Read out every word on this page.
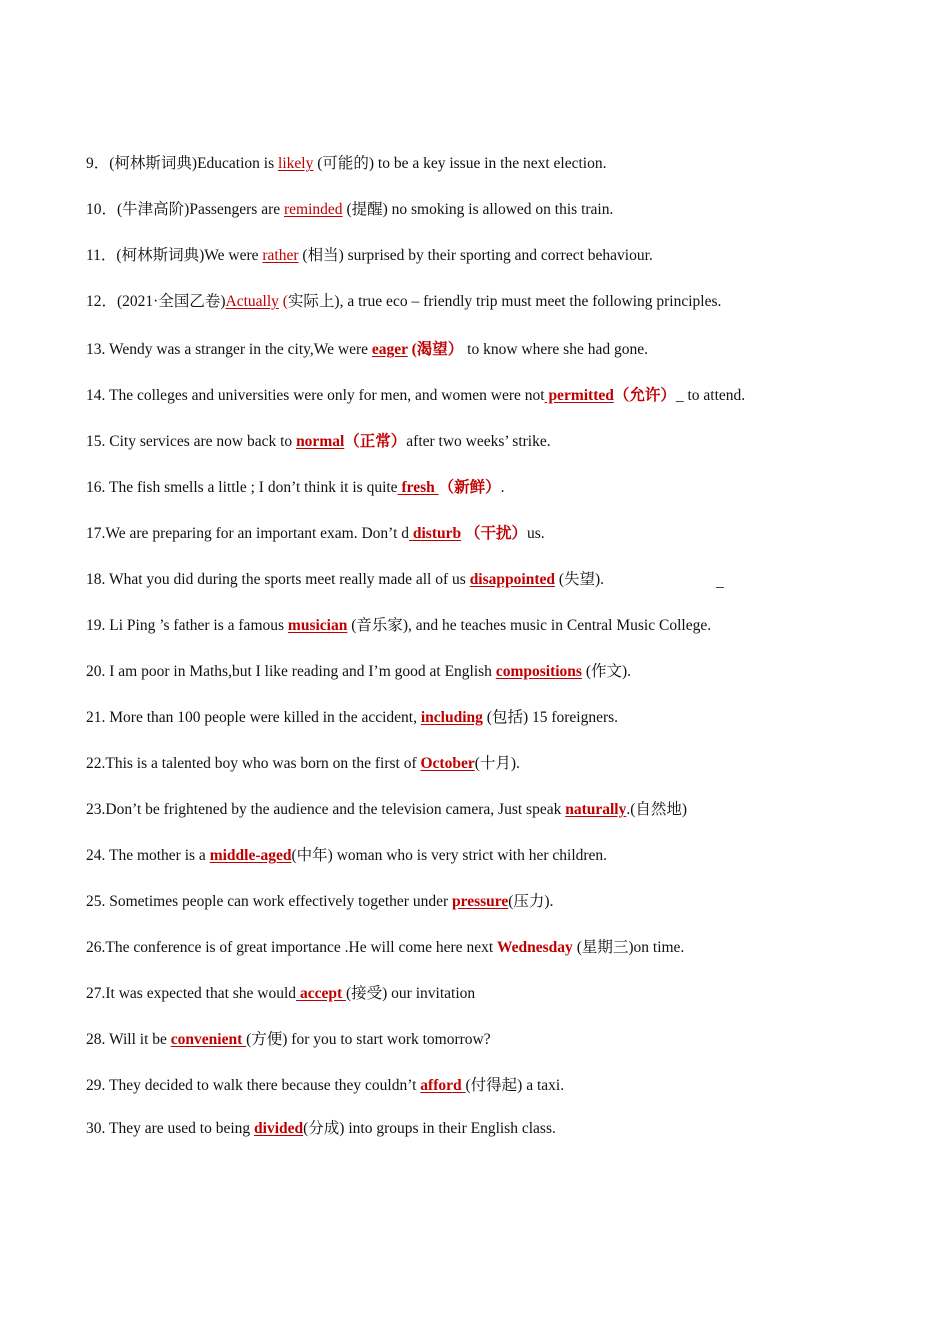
9．(柯林斯词典)Education is likely (可能的) to be a key issue in the next election.
10．(牛津高阶)Passengers are reminded (提醒) no smoking is allowed on this train.
11．(柯林斯词典)We were rather (相当) surprised by their sporting and correct behaviour.
12．(2021·全国乙卷)Actually (实际上), a true eco – friendly trip must meet the following principles.
13. Wendy was a stranger in the city,We were eager (渴望） to know where she had gone.
14. The colleges and universities were only for men, and women were not permitted（允许）_ to attend.
15. City services are now back to normal（正常）after two weeks’ strike.
16. The fish smells a little ; I don’t think it is quite fresh （新鲜）.
17.We are preparing for an important exam. Don’t d disturb （干扰）us.
18. What you did during the sports meet really made all of us disappointed (失望).	_
19. Li Ping ’s father is a famous musician (音乐家), and he teaches music in Central Music College.
20. I am poor in Maths,but I like reading and I’m good at English compositions (作文).
21. More than 100 people were killed in the accident, including (包括) 15 foreigners.
22.This is a talented boy who was born on the first of October(十月).
23.Don’t be frightened by the audience and the television camera, Just speak naturally.(自然地)
24. The mother is a middle-aged(中年) woman who is very strict with her children.
25. Sometimes people can work effectively together under pressure(压力).
26.The conference is of great importance .He will come here next Wednesday (星期三)on time.
27.It was expected that she would accept (接受) our invitation
28. Will it be convenient (方便) for you to start work tomorrow?
29. They decided to walk there because they couldn’t afford (付得起) a taxi.
30. They are used to being divided(分成) into groups in their English class.
